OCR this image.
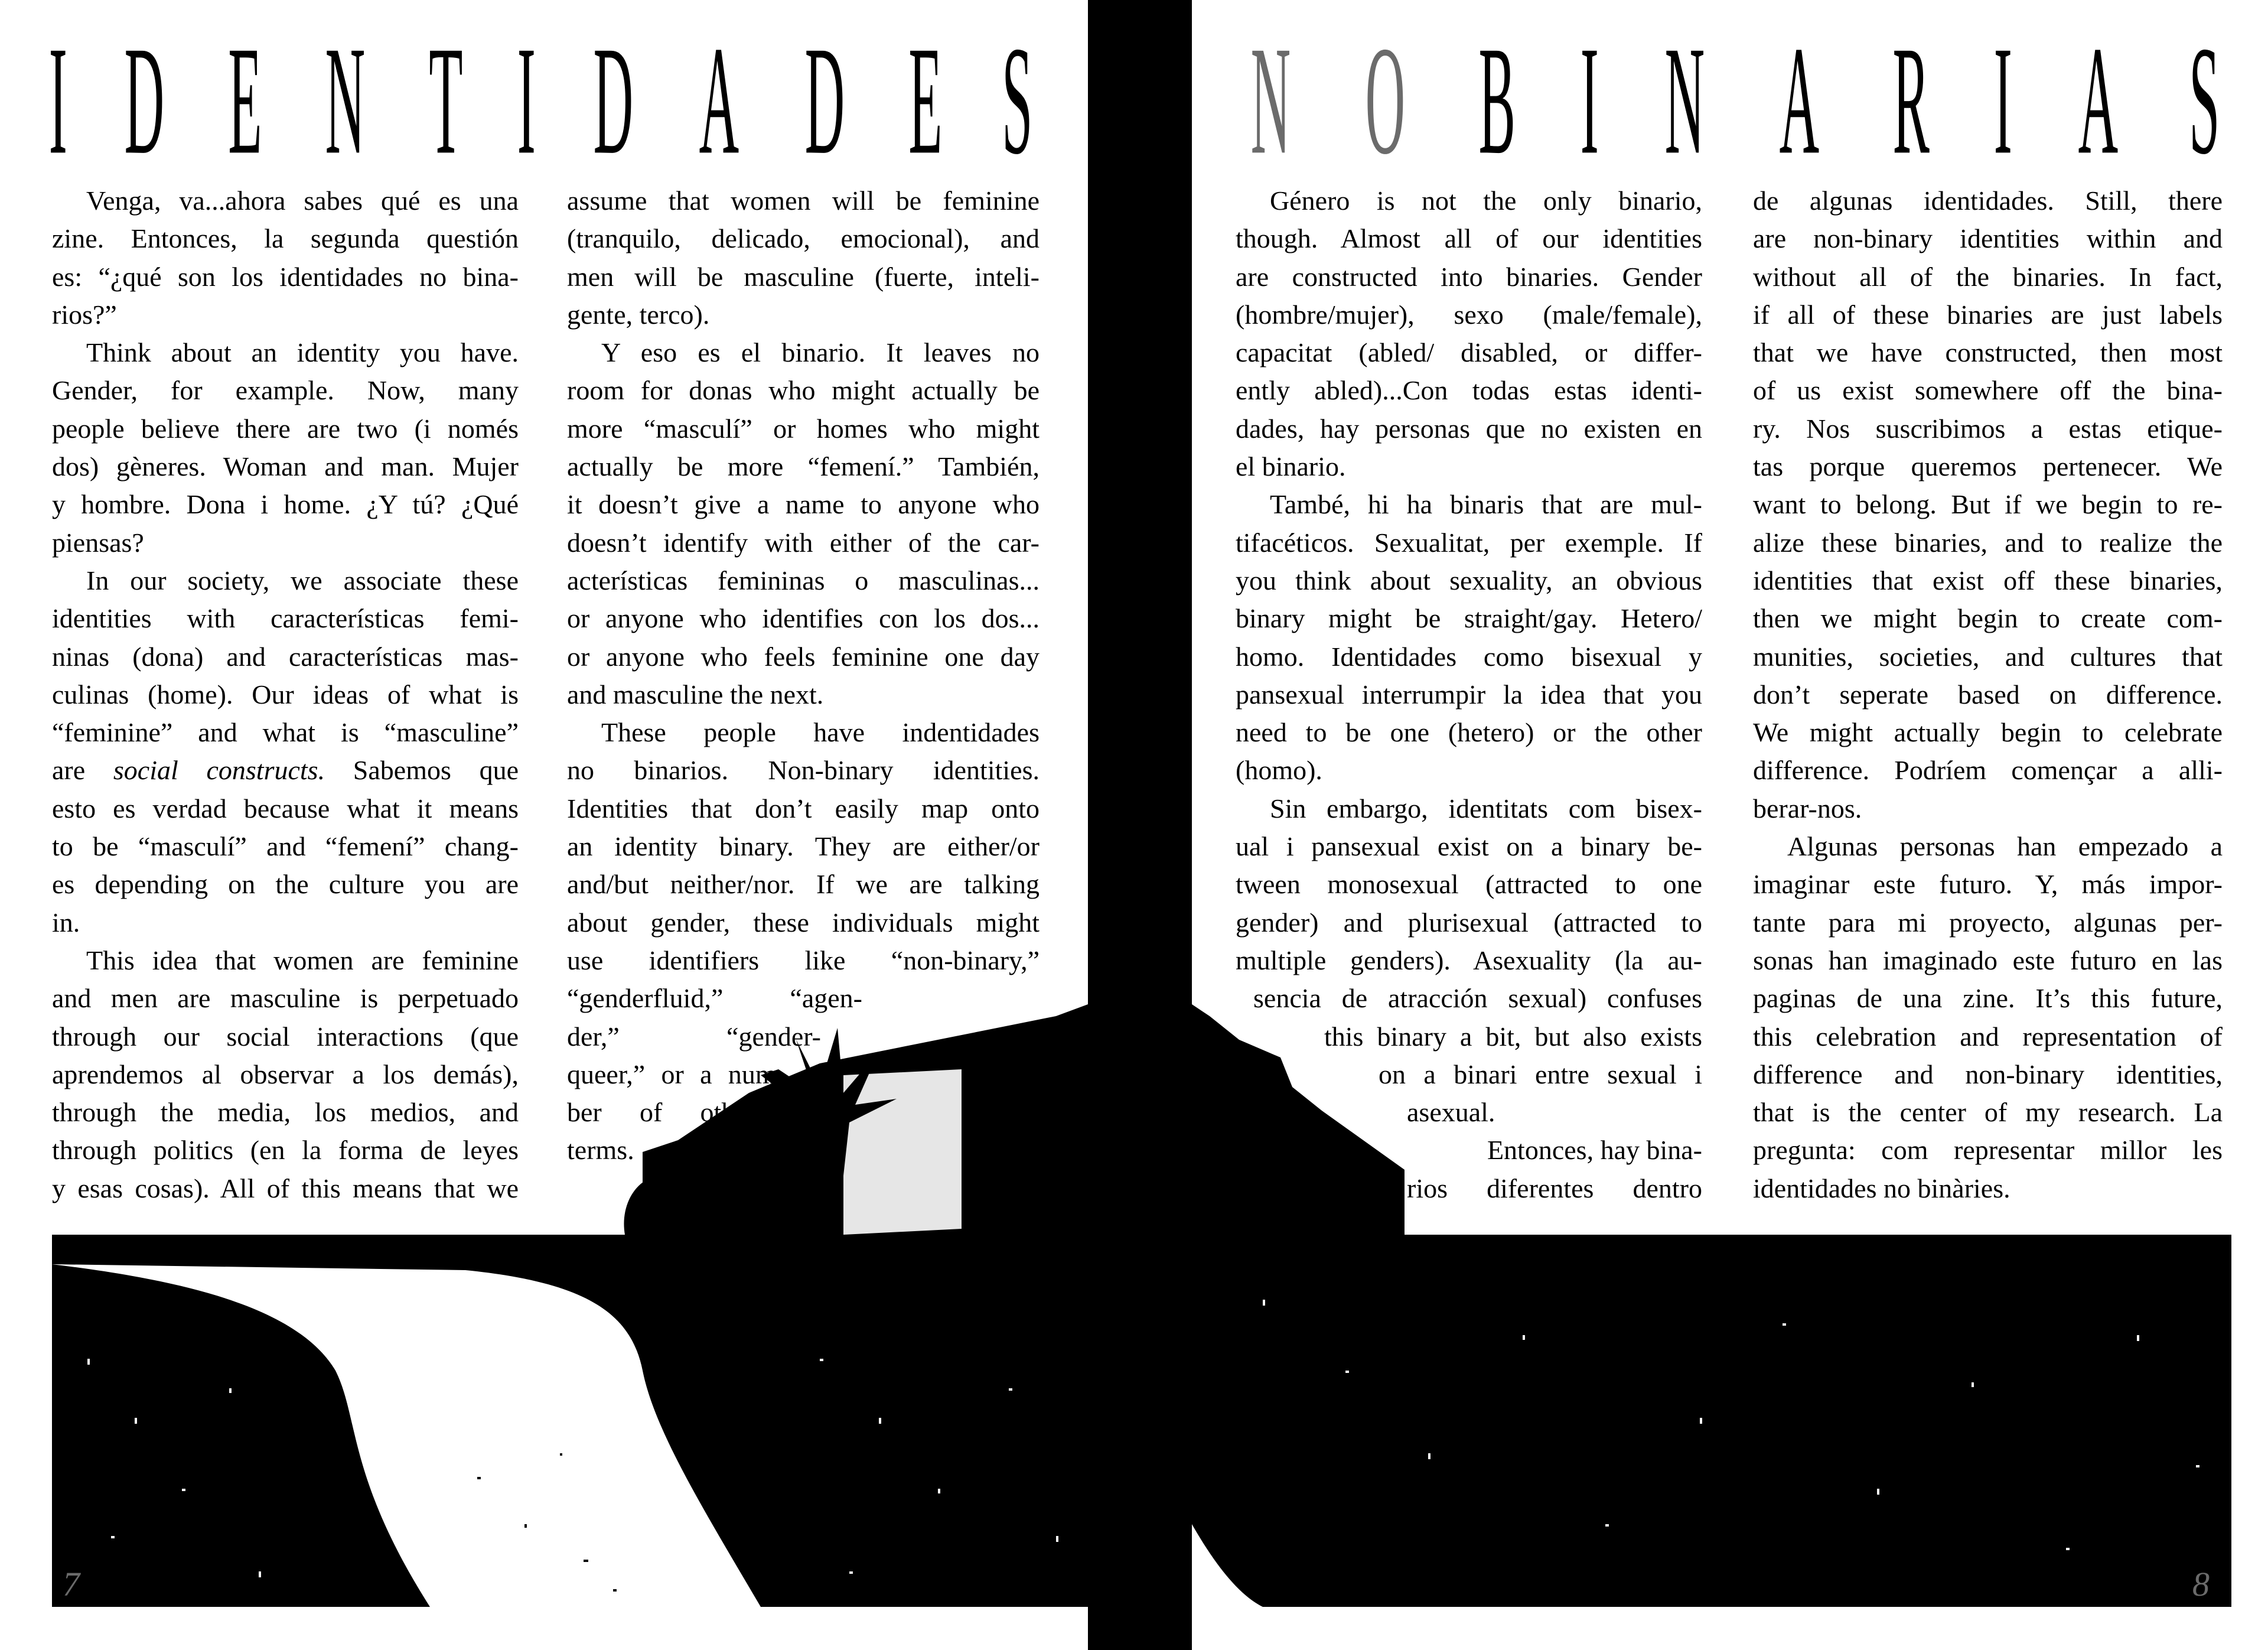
I D E N T I D A D E S N O B I N A R I A S
Venga, va...ahora sabes qué es una
zine. Entonces, la segunda questión
es: “¿qué son los identidades no bina-
rios?”
Think about an identity you have.
Gender, for example. Now, many
people believe there are two (i només
dos) gèneres. Woman and man. Mujer
y hombre. Dona i home. ¿Y tú? ¿Qué
piensas?
In our society, we associate these
identities with características femi-
ninas (dona) and características mas-
culinas (home). Our ideas of what is
“feminine” and what is “masculine”
are social constructs. Sabemos que
esto es verdad because what it means
to be “masculí” and “femení” chang-
es depending on the culture you are
in.
This idea that women are feminine
and men are masculine is perpetuado
through our social interactions (que
aprendemos al observar a los demás),
through the media, los medios, and
through politics (en la forma de leyes
y esas cosas). All of this means that we
assume that women will be feminine
(tranquilo, delicado, emocional), and
men will be masculine (fuerte, inteli-
gente, terco).
Y eso es el binario. It leaves no
room for donas who might actually be
more “masculí” or homes who might
actually be more “femení.” También,
it doesn’t give a name to anyone who
doesn’t identify with either of the car-
acterísticas femininas o masculinas...
or anyone who identifies con los dos...
or anyone who feels feminine one day
and masculine the next.
These people have indentidades
no binarios. Non-binary identities.
Identities that don’t easily map onto
an identity binary. They are either/or
and/but neither/nor. If we are talking
about gender, these individuals might
use identifiers like “non-binary,”
“genderfluid,” “agen-
der,” “gender-
queer,” or a num-
ber of other
terms.
Género is not the only binario,
though. Almost all of our identities
are constructed into binaries. Gender
(hombre/mujer), sexo (male/female),
capacitat (abled/ disabled, or differ-
ently abled)...Con todas estas identi-
dades, hay personas que no existen en
el binario.
També, hi ha binaris that are mul-
tifacéticos. Sexualitat, per exemple. If
you think about sexuality, an obvious
binary might be straight/gay. Hetero/
homo. Identidades como bisexual y
pansexual interrumpir la idea that you
need to be one (hetero) or the other
(homo).
Sin embargo, identitats com bisex-
ual i pansexual exist on a binary be-
tween monosexual (attracted to one
gender) and plurisexual (attracted to
multiple genders). Asexuality (la au-
sencia de atracción sexual) confuses
this binary a bit, but also exists
on a binari entre sexual i
asexual.
Entonces, hay bina-
rios diferentes dentro
de algunas identidades. Still, there
are non-binary identities within and
without all of the binaries. In fact,
if all of these binaries are just labels
that we have constructed, then most
of us exist somewhere off the bina-
ry. Nos suscribimos a estas etique-
tas porque queremos pertenecer. We
want to belong. But if we begin to re-
alize these binaries, and to realize the
identities that exist off these binaries,
then we might begin to create com-
munities, societies, and cultures that
don’t seperate based on difference.
We might actually begin to celebrate
difference. Podríem començar a alli-
berar-nos.
Algunas personas han empezado a
imaginar este futuro. Y, más impor-
tante para mi proyecto, algunas per-
sonas han imaginado este futuro en las
paginas de una zine. It’s this future,
this celebration and representation of
difference and non-binary identities,
that is the center of my research. La
pregunta: com representar millor les
identidades no binàries.
7	8
